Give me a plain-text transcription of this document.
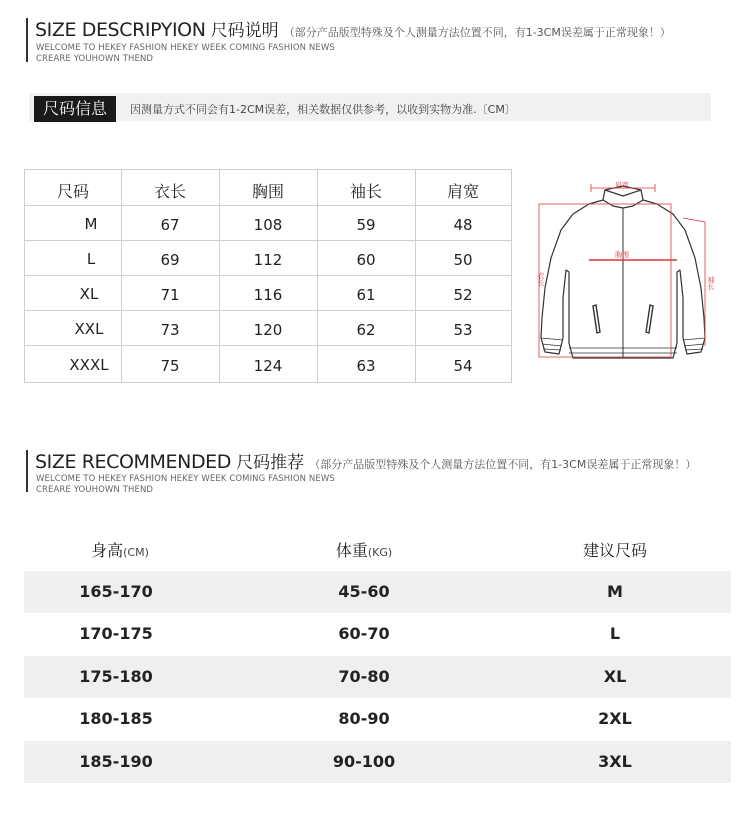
SIZE DESCRIPYION 尺码说明 （部分产品版型特殊及个人测量方法位置不同，有1-3CM误差属于正常现象！）
WELCOME TO HEKEY FASHION HEKEY WEEK COMING FASHION NEWS
CREARE YOUHOWN THEND
尺码信息	因测量方式不同会有1-2CM误差，相关数据仅供参考，以收到实物为准.〔CM〕
尺码	衣长	胸围	袖长	肩宽
M	67	108	59	48
L	69	112	60	50
XL	71	116	61	52
XXL	73	120	62	53
XXXL	75	124	63	54
肩宽
胸围
衣长	袖长
SIZE RECOMMENDED 尺码推荐 （部分产品版型特殊及个人测量方法位置不同，有1-3CM误差属于正常现象！）
WELCOME TO HEKEY FASHION HEKEY WEEK COMING FASHION NEWS
CREARE YOUHOWN THEND
身高(CM)	体重(KG)	建议尺码
165-170	45-60	M
170-175	60-70	L
175-180	70-80	XL
180-185	80-90	2XL
185-190	90-100	3XL
